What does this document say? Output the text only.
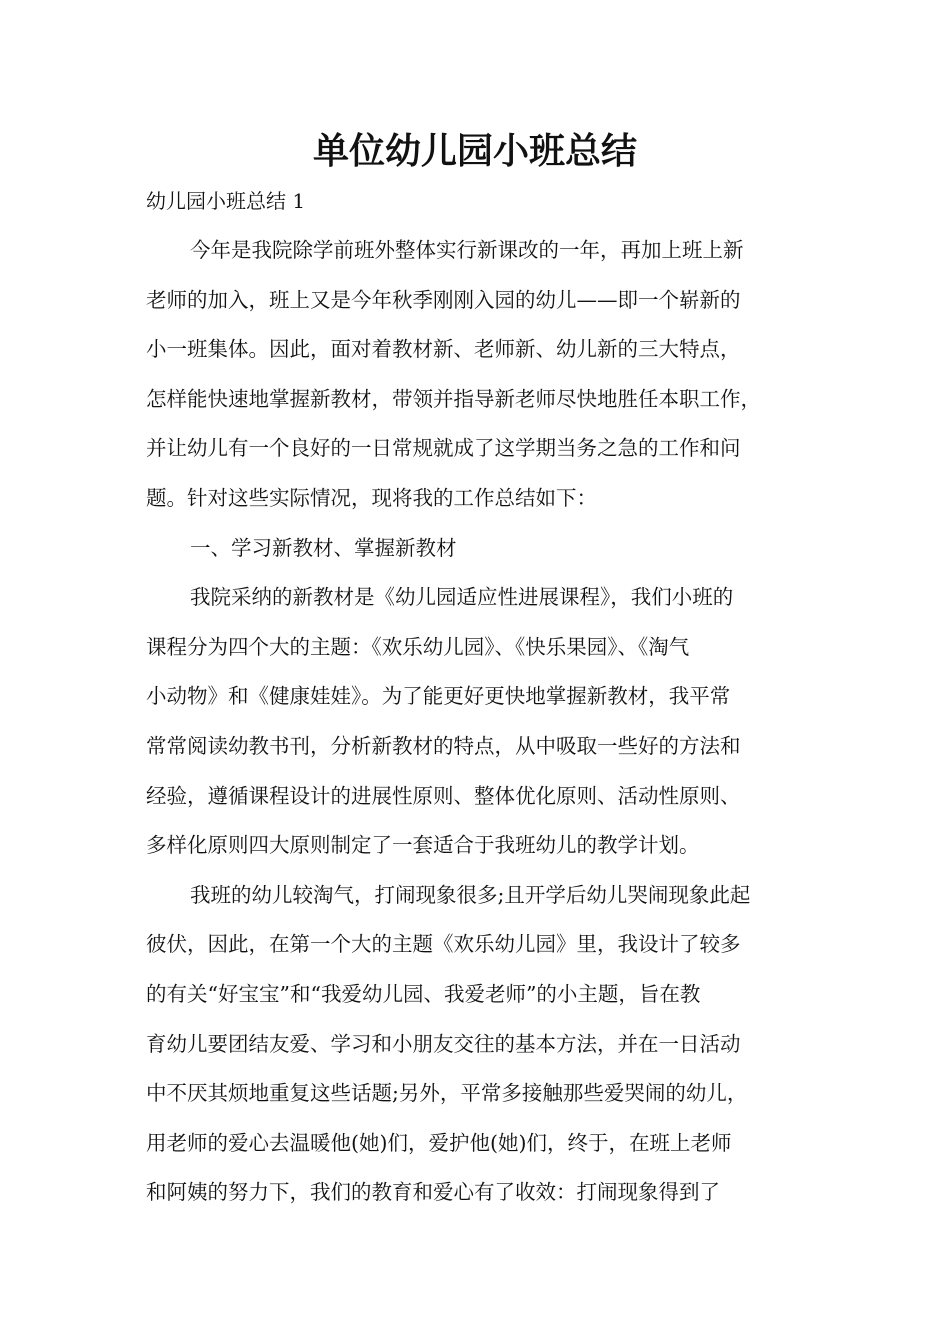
单位幼儿园小班总结
幼儿园小班总结 1
今年是我院除学前班外整体实行新课改的一年，再加上班上新
老师的加入，班上又是今年秋季刚刚入园的幼儿——即一个崭新的
小一班集体。因此，面对着教材新、老师新、幼儿新的三大特点，
怎样能快速地掌握新教材，带领并指导新老师尽快地胜任本职工作，
并让幼儿有一个良好的一日常规就成了这学期当务之急的工作和问
题。针对这些实际情况，现将我的工作总结如下：
一、学习新教材、掌握新教材
我院采纳的新教材是《幼儿园适应性进展课程》，我们小班的
课程分为四个大的主题：《欢乐幼儿园》、《快乐果园》、《淘气
小动物》和《健康娃娃》。为了能更好更快地掌握新教材，我平常
常常阅读幼教书刊，分析新教材的特点，从中吸取一些好的方法和
经验，遵循课程设计的进展性原则、整体优化原则、活动性原则、
多样化原则四大原则制定了一套适合于我班幼儿的教学计划。
我班的幼儿较淘气，打闹现象很多;且开学后幼儿哭闹现象此起
彼伏，因此，在第一个大的主题《欢乐幼儿园》里，我设计了较多
的有关“好宝宝”和“我爱幼儿园、我爱老师”的小主题，旨在教
育幼儿要团结友爱、学习和小朋友交往的基本方法，并在一日活动
中不厌其烦地重复这些话题;另外，平常多接触那些爱哭闹的幼儿，
用老师的爱心去温暖他(她)们，爱护他(她)们，终于，在班上老师
和阿姨的努力下，我们的教育和爱心有了收效：打闹现象得到了
